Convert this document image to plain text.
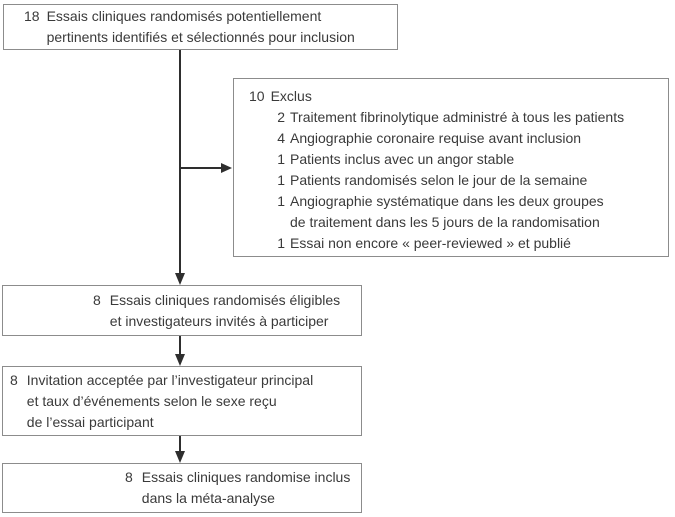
18 Essais cliniques randomisés potentiellement
pertinents identifiés et sélectionnés pour inclusion
10 Exclus
2 Traitement fibrinolytique administré à tous les patients
4 Angiographie coronaire requise avant inclusion
1 Patients inclus avec un angor stable
1 Patients randomisés selon le jour de la semaine
1 Angiographie systématique dans les deux groupes
de traitement dans les 5 jours de la randomisation
1 Essai non encore « peer-reviewed » et publié
8 Essais cliniques randomisés éligibles
et investigateurs invités à participer
8 Invitation acceptée par l’investigateur principal
et taux d’événements selon le sexe reçu
de l’essai participant
8 Essais cliniques randomise inclus
dans la méta-analyse
